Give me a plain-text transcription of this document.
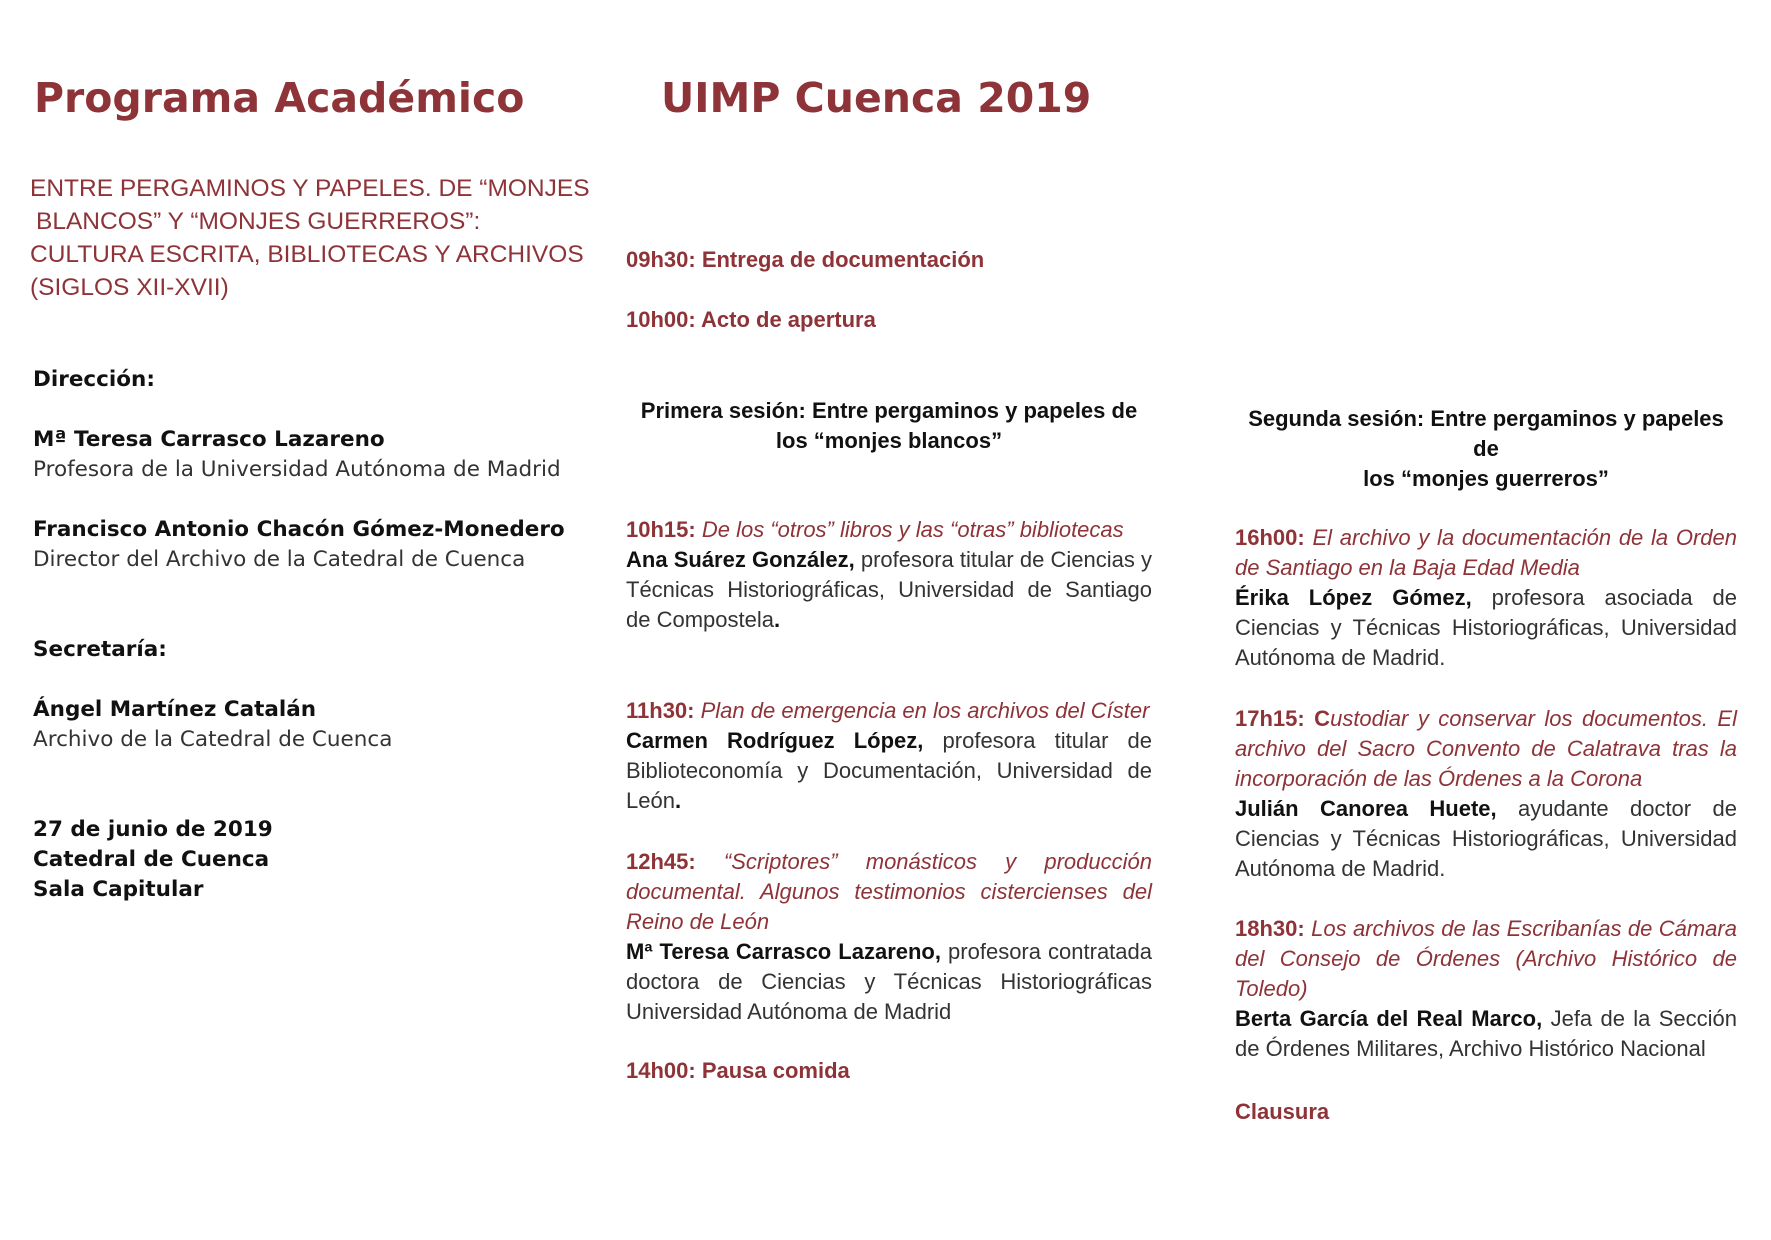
Programa Académico	UIMP Cuenca 2019
ENTRE PERGAMINOS Y PAPELES. DE “MONJES
BLANCOS” Y “MONJES GUERREROS”:
CULTURA ESCRITA, BIBLIOTECAS Y ARCHIVOS
(SIGLOS XII-XVII)
Dirección:
Mª Teresa Carrasco Lazareno
Profesora de la Universidad Autónoma de Madrid
Francisco Antonio Chacón Gómez-Monedero
Director del Archivo de la Catedral de Cuenca
Secretaría:
Ángel Martínez Catalán
Archivo de la Catedral de Cuenca
27 de junio de 2019
Catedral de Cuenca
Sala Capitular
09h30: Entrega de documentación
10h00: Acto de apertura
Primera sesión: Entre pergaminos y papeles de
los “monjes blancos”
10h15: De los “otros” libros y las “otras” bibliotecas
Ana Suárez González, profesora titular de Ciencias y Técnicas Historiográficas, Universidad de Santiago de Compostela.
11h30: Plan de emergencia en los archivos del Císter
Carmen Rodríguez López, profesora titular de Biblioteconomía y Documentación, Universidad de León.
12h45: “Scriptores” monásticos y producción documental. Algunos testimonios cistercienses del Reino de León
Mª Teresa Carrasco Lazareno, profesora contratada doctora de Ciencias y Técnicas Historiográficas Universidad Autónoma de Madrid
14h00: Pausa comida
Segunda sesión: Entre pergaminos y papeles de
los “monjes guerreros”
16h00: El archivo y la documentación de la Orden de Santiago en la Baja Edad Media
Érika López Gómez, profesora asociada de Ciencias y Técnicas Historiográficas, Universidad Autónoma de Madrid.
17h15: Custodiar y conservar los documentos. El archivo del Sacro Convento de Calatrava tras la incorporación de las Órdenes a la Corona
Julián Canorea Huete, ayudante doctor de Ciencias y Técnicas Historiográficas, Universidad Autónoma de Madrid.
18h30: Los archivos de las Escribanías de Cámara del Consejo de Órdenes (Archivo Histórico de Toledo)
Berta García del Real Marco, Jefa de la Sección de Órdenes Militares, Archivo Histórico Nacional
Clausura
